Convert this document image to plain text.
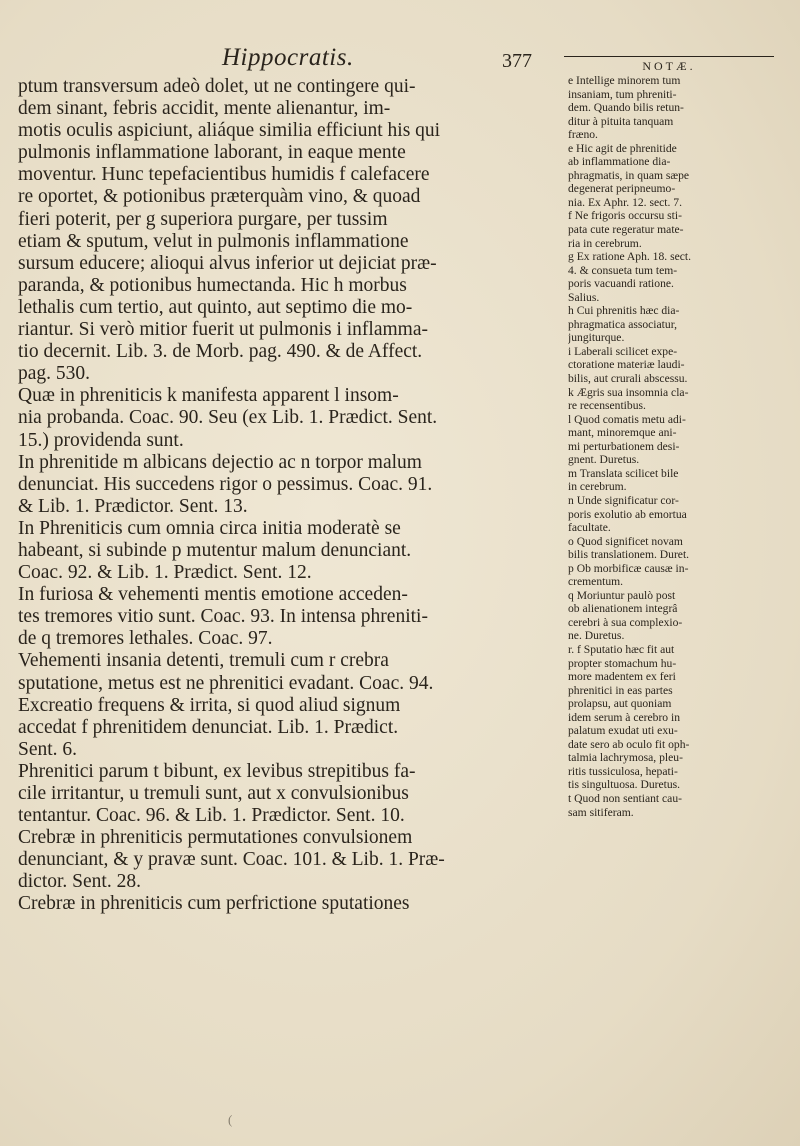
Hippocratis.	377	NOTÆ.
ptum transversum adeò dolet, ut ne contingere qui-
dem sinant, febris accidit, mente alienantur, im-
motis oculis aspiciunt, aliáque similia efficiunt his qui
pulmonis inflammatione laborant, in eaque mente
moventur. Hunc tepefacientibus humidis f calefacere
re oportet, & potionibus præterquàm vino, & quoad
fieri poterit, per g superiora purgare, per tussim
etiam & sputum, velut in pulmonis inflammatione
sursum educere; alioqui alvus inferior ut dejiciat præ-
paranda, & potionibus humectanda. Hic h morbus
lethalis cum tertio, aut quinto, aut septimo die mo-
riantur. Si verò mitior fuerit ut pulmonis i inflamma-
tio decernit. Lib. 3. de Morb. pag. 490. & de Affect.
pag. 530.
Quæ in phreniticis k manifesta apparent l insom-
nia probanda. Coac. 90. Seu (ex Lib. 1. Prædict. Sent.
15.) providenda sunt.
In phrenitide m albicans dejectio ac n torpor malum
denunciat. His succedens rigor o pessimus. Coac. 91.
& Lib. 1. Prædictor. Sent. 13.
In Phreniticis cum omnia circa initia moderatè se
habeant, si subinde p mutentur malum denunciant.
Coac. 92. & Lib. 1. Prædict. Sent. 12.
In furiosa & vehementi mentis emotione acceden-
tes tremores vitio sunt. Coac. 93. In intensa phreniti-
de q tremores lethales. Coac. 97.
Vehementi insania detenti, tremuli cum r crebra
sputatione, metus est ne phrenitici evadant. Coac. 94.
Excreatio frequens & irrita, si quod aliud signum
accedat f phrenitidem denunciat. Lib. 1. Prædict.
Sent. 6.
Phrenitici parum t bibunt, ex levibus strepitibus fa-
cile irritantur, u tremuli sunt, aut x convulsionibus
tentantur. Coac. 96. & Lib. 1. Prædictor. Sent. 10.
Crebræ in phreniticis permutationes convulsionem
denunciant, & y pravæ sunt. Coac. 101. & Lib. 1. Præ-
dictor. Sent. 28.
Crebræ in phreniticis cum perfrictione sputationes
e Intellige minorem tum
insaniam, tum phreniti-
dem. Quando bilis retun-
ditur à pituita tanquam
fræno.
e Hic agit de phrenitide
ab inflammatione dia-
phragmatis, in quam sæpe
degenerat peripneumo-
nia. Ex Aphr. 12. sect. 7.
f Ne frigoris occursu sti-
pata cute regeratur mate-
ria in cerebrum.
g Ex ratione Aph. 18. sect.
4. & consueta tum tem-
poris vacuandi ratione.
Salius.
h Cui phrenitis hæc dia-
phragmatica associatur,
jungiturque.
i Laberali scilicet expe-
ctoratione materiæ laudi-
bilis, aut crurali abscessu.
k Ægris sua insomnia cla-
re recensentibus.
l Quod comatis metu adi-
mant, minoremque ani-
mi perturbationem desi-
gnent. Duretus.
m Translata scilicet bile
in cerebrum.
n Unde significatur cor-
poris exolutio ab emortua
facultate.
o Quod significet novam
bilis translationem. Duret.
p Ob morbificæ causæ in-
crementum.
q Moriuntur paulò post
ob alienationem integrâ
cerebri à sua complexio-
ne. Duretus.
r. f Sputatio hæc fit aut
propter stomachum hu-
more madentem ex feri
phrenitici in eas partes
prolapsu, aut quoniam
idem serum à cerebro in
palatum exudat uti exu-
date sero ab oculo fit oph-
talmia lachrymosa, pleu-
ritis tussiculosa, hepati-
tis singultuosa. Duretus.
t Quod non sentiant cau-
sam sitiferam.
(
